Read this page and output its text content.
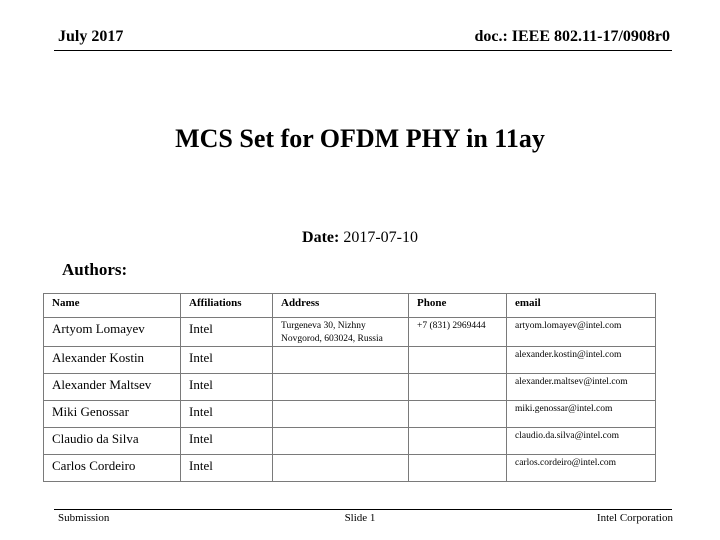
July 2017	doc.: IEEE 802.11-17/0908r0
MCS Set for OFDM PHY in 11ay
Date: 2017-07-10
Authors:
Name	Affiliations	Address	Phone	email
Artyom Lomayev	Intel	Turgeneva 30, Nizhny Novgorod, 603024, Russia	+7 (831) 2969444	artyom.lomayev@intel.com
Alexander Kostin	Intel			alexander.kostin@intel.com
Alexander Maltsev	Intel			alexander.maltsev@intel.com
Miki Genossar	Intel			miki.genossar@intel.com
Claudio da Silva	Intel			claudio.da.silva@intel.com
Carlos Cordeiro	Intel			carlos.cordeiro@intel.com
Submission	Slide 1	Intel Corporation
